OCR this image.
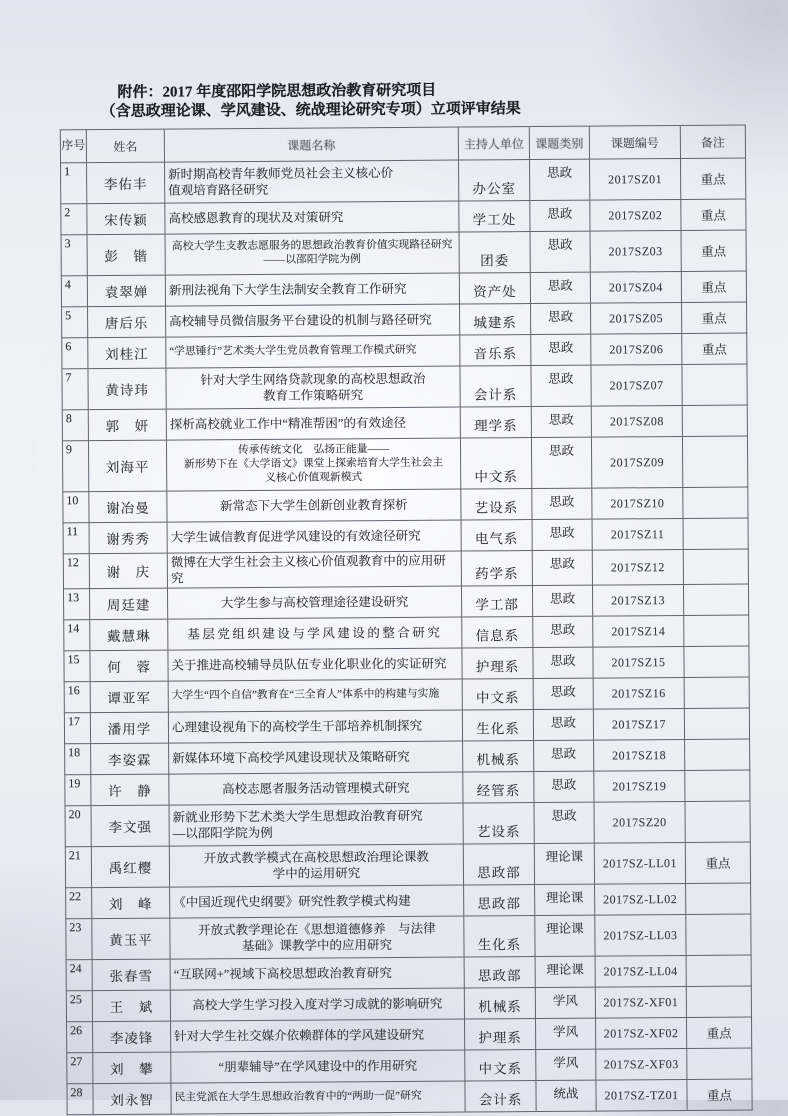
附件：2017 年度邵阳学院思想政治教育研究项目
（含思政理论课、学风建设、统战理论研究专项）立项评审结果
序号	姓名	课题名称	主持人单位	课题类别	课题编号	备注
1	李佑丰	新时期高校青年教师党员社会主义核心价
值观培育路径研究	办公室	思政	2017SZ01	重点
2	宋传颖	高校感恩教育的现状及对策研究	学工处	思政	2017SZ02	重点
3	彭　锴	高校大学生支教志愿服务的思想政治教育价值实现路径研究
——以邵阳学院为例	团委	思政	2017SZ03	重点
4	袁翠婵	新刑法视角下大学生法制安全教育工作研究	资产处	思政	2017SZ04	重点
5	唐后乐	高校辅导员微信服务平台建设的机制与路径研究	城建系	思政	2017SZ05	重点
6	刘桂江	“学思锤行”艺术类大学生党员教育管理工作模式研究	音乐系	思政	2017SZ06	重点
7	黄诗玮	针对大学生网络贷款现象的高校思想政治
教育工作策略研究	会计系	思政	2017SZ07	
8	郭　妍	探析高校就业工作中“精准帮困”的有效途径	理学系	思政	2017SZ08	
9	刘海平	传承传统文化　弘扬正能量——
新形势下在《大学语文》课堂上探索培育大学生社会主
义核心价值观新模式	中文系	思政	2017SZ09	
10	谢冶曼	新常态下大学生创新创业教育探析	艺设系	思政	2017SZ10	
11	谢秀秀	大学生诚信教育促进学风建设的有效途径研究	电气系	思政	2017SZ11	
12	谢　庆	微博在大学生社会主义核心价值观教育中的应用研究	药学系	思政	2017SZ12	
13	周廷建	大学生参与高校管理途径建设研究	学工部	思政	2017SZ13	
14	戴慧琳	基层党组织建设与学风建设的整合研究	信息系	思政	2017SZ14	
15	何　蓉	关于推进高校辅导员队伍专业化职业化的实证研究	护理系	思政	2017SZ15	
16	谭亚军	大学生“四个自信”教育在“三全育人”体系中的构建与实施	中文系	思政	2017SZ16	
17	潘用学	心理建设视角下的高校学生干部培养机制探究	生化系	思政	2017SZ17	
18	李姿霖	新媒体环境下高校学风建设现状及策略研究	机械系	思政	2017SZ18	
19	许　静	高校志愿者服务活动管理模式研究	经管系	思政	2017SZ19	
20	李文强	新就业形势下艺术类大学生思想政治教育研究
—以邵阳学院为例	艺设系	思政	2017SZ20	
21	禹红樱	开放式教学模式在高校思想政治理论课教
学中的运用研究	思政部	理论课	2017SZ-LL01	重点
22	刘　峰	《中国近现代史纲要》研究性教学模式构建	思政部	理论课	2017SZ-LL02	
23	黄玉平	开放式教学理论在《思想道德修养　与法律
基础》课教学中的应用研究	生化系	理论课	2017SZ-LL03	
24	张春雪	“互联网+”视域下高校思想政治教育研究	思政部	理论课	2017SZ-LL04	
25	王　斌	高校大学生学习投入度对学习成就的影响研究	机械系	学风	2017SZ-XF01	
26	李凌锋	针对大学生社交媒介依赖群体的学风建设研究	护理系	学风	2017SZ-XF02	重点
27	刘　攀	“朋辈辅导”在学风建设中的作用研究	中文系	学风	2017SZ-XF03	
28	刘永智	民主党派在大学生思想政治教育中的“两助一促”研究	会计系	统战	2017SZ-TZ01	重点
